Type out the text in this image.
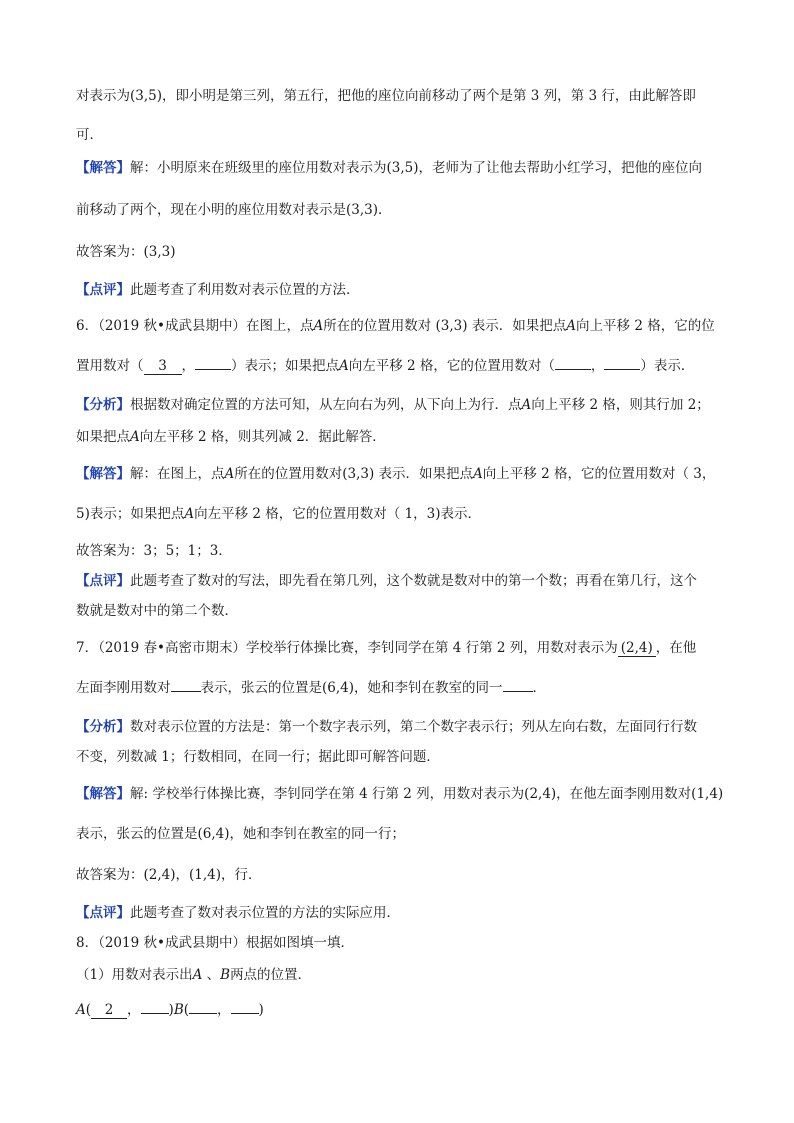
对表示为(3,5)，即小明是第三列，第五行，把他的座位向前移动了两个是第 3 列，第 3 行，由此解答即
可．
【解答】解：小明原来在班级里的座位用数对表示为(3,5)，老师为了让他去帮助小红学习，把他的座位向
前移动了两个，现在小明的座位用数对表示是(3,3)．
故答案为：(3,3)
【点评】此题考查了利用数对表示位置的方法．
6．（2019 秋•成武县期中）在图上，点A所在的位置用数对 (3,3) 表示．如果把点A向上平移 2 格，它的位
置用数对（ 3 ，	）表示；如果把点A向左平移 2 格，它的位置用数对（	，	）表示．
【分析】根据数对确定位置的方法可知，从左向右为列，从下向上为行．点A向上平移 2 格，则其行加 2；
如果把点A向左平移 2 格，则其列减 2．据此解答．
【解答】解：在图上，点A所在的位置用数对(3,3) 表示．如果把点A向上平移 2 格，它的位置用数对（ 3，
5)表示；如果把点A向左平移 2 格，它的位置用数对（ 1，3)表示．
故答案为：3；5；1；3．
【点评】此题考查了数对的写法，即先看在第几列，这个数就是数对中的第一个数；再看在第几行，这个
数就是数对中的第二个数．
7．（2019 春•高密市期末）学校举行体操比赛，李钊同学在第 4 行第 2 列，用数对表示为 (2,4) ，在他
左面李刚用数对 表示，张云的位置是(6,4)，她和李钊在教室的同一 ．
【分析】数对表示位置的方法是：第一个数字表示列，第二个数字表示行；列从左向右数，左面同行行数
不变，列数减 1；行数相同，在同一行；据此即可解答问题．
【解答】解: 学校举行体操比赛，李钊同学在第 4 行第 2 列，用数对表示为(2,4)，在他左面李刚用数对(1,4)
表示，张云的位置是(6,4)，她和李钊在教室的同一行；
故答案为：(2,4)，(1,4)，行．
【点评】此题考查了数对表示位置的方法的实际应用．
8．（2019 秋•成武县期中）根据如图填一填．
（1）用数对表示出A 、B两点的位置．
A( 2 ， )B( ， )
